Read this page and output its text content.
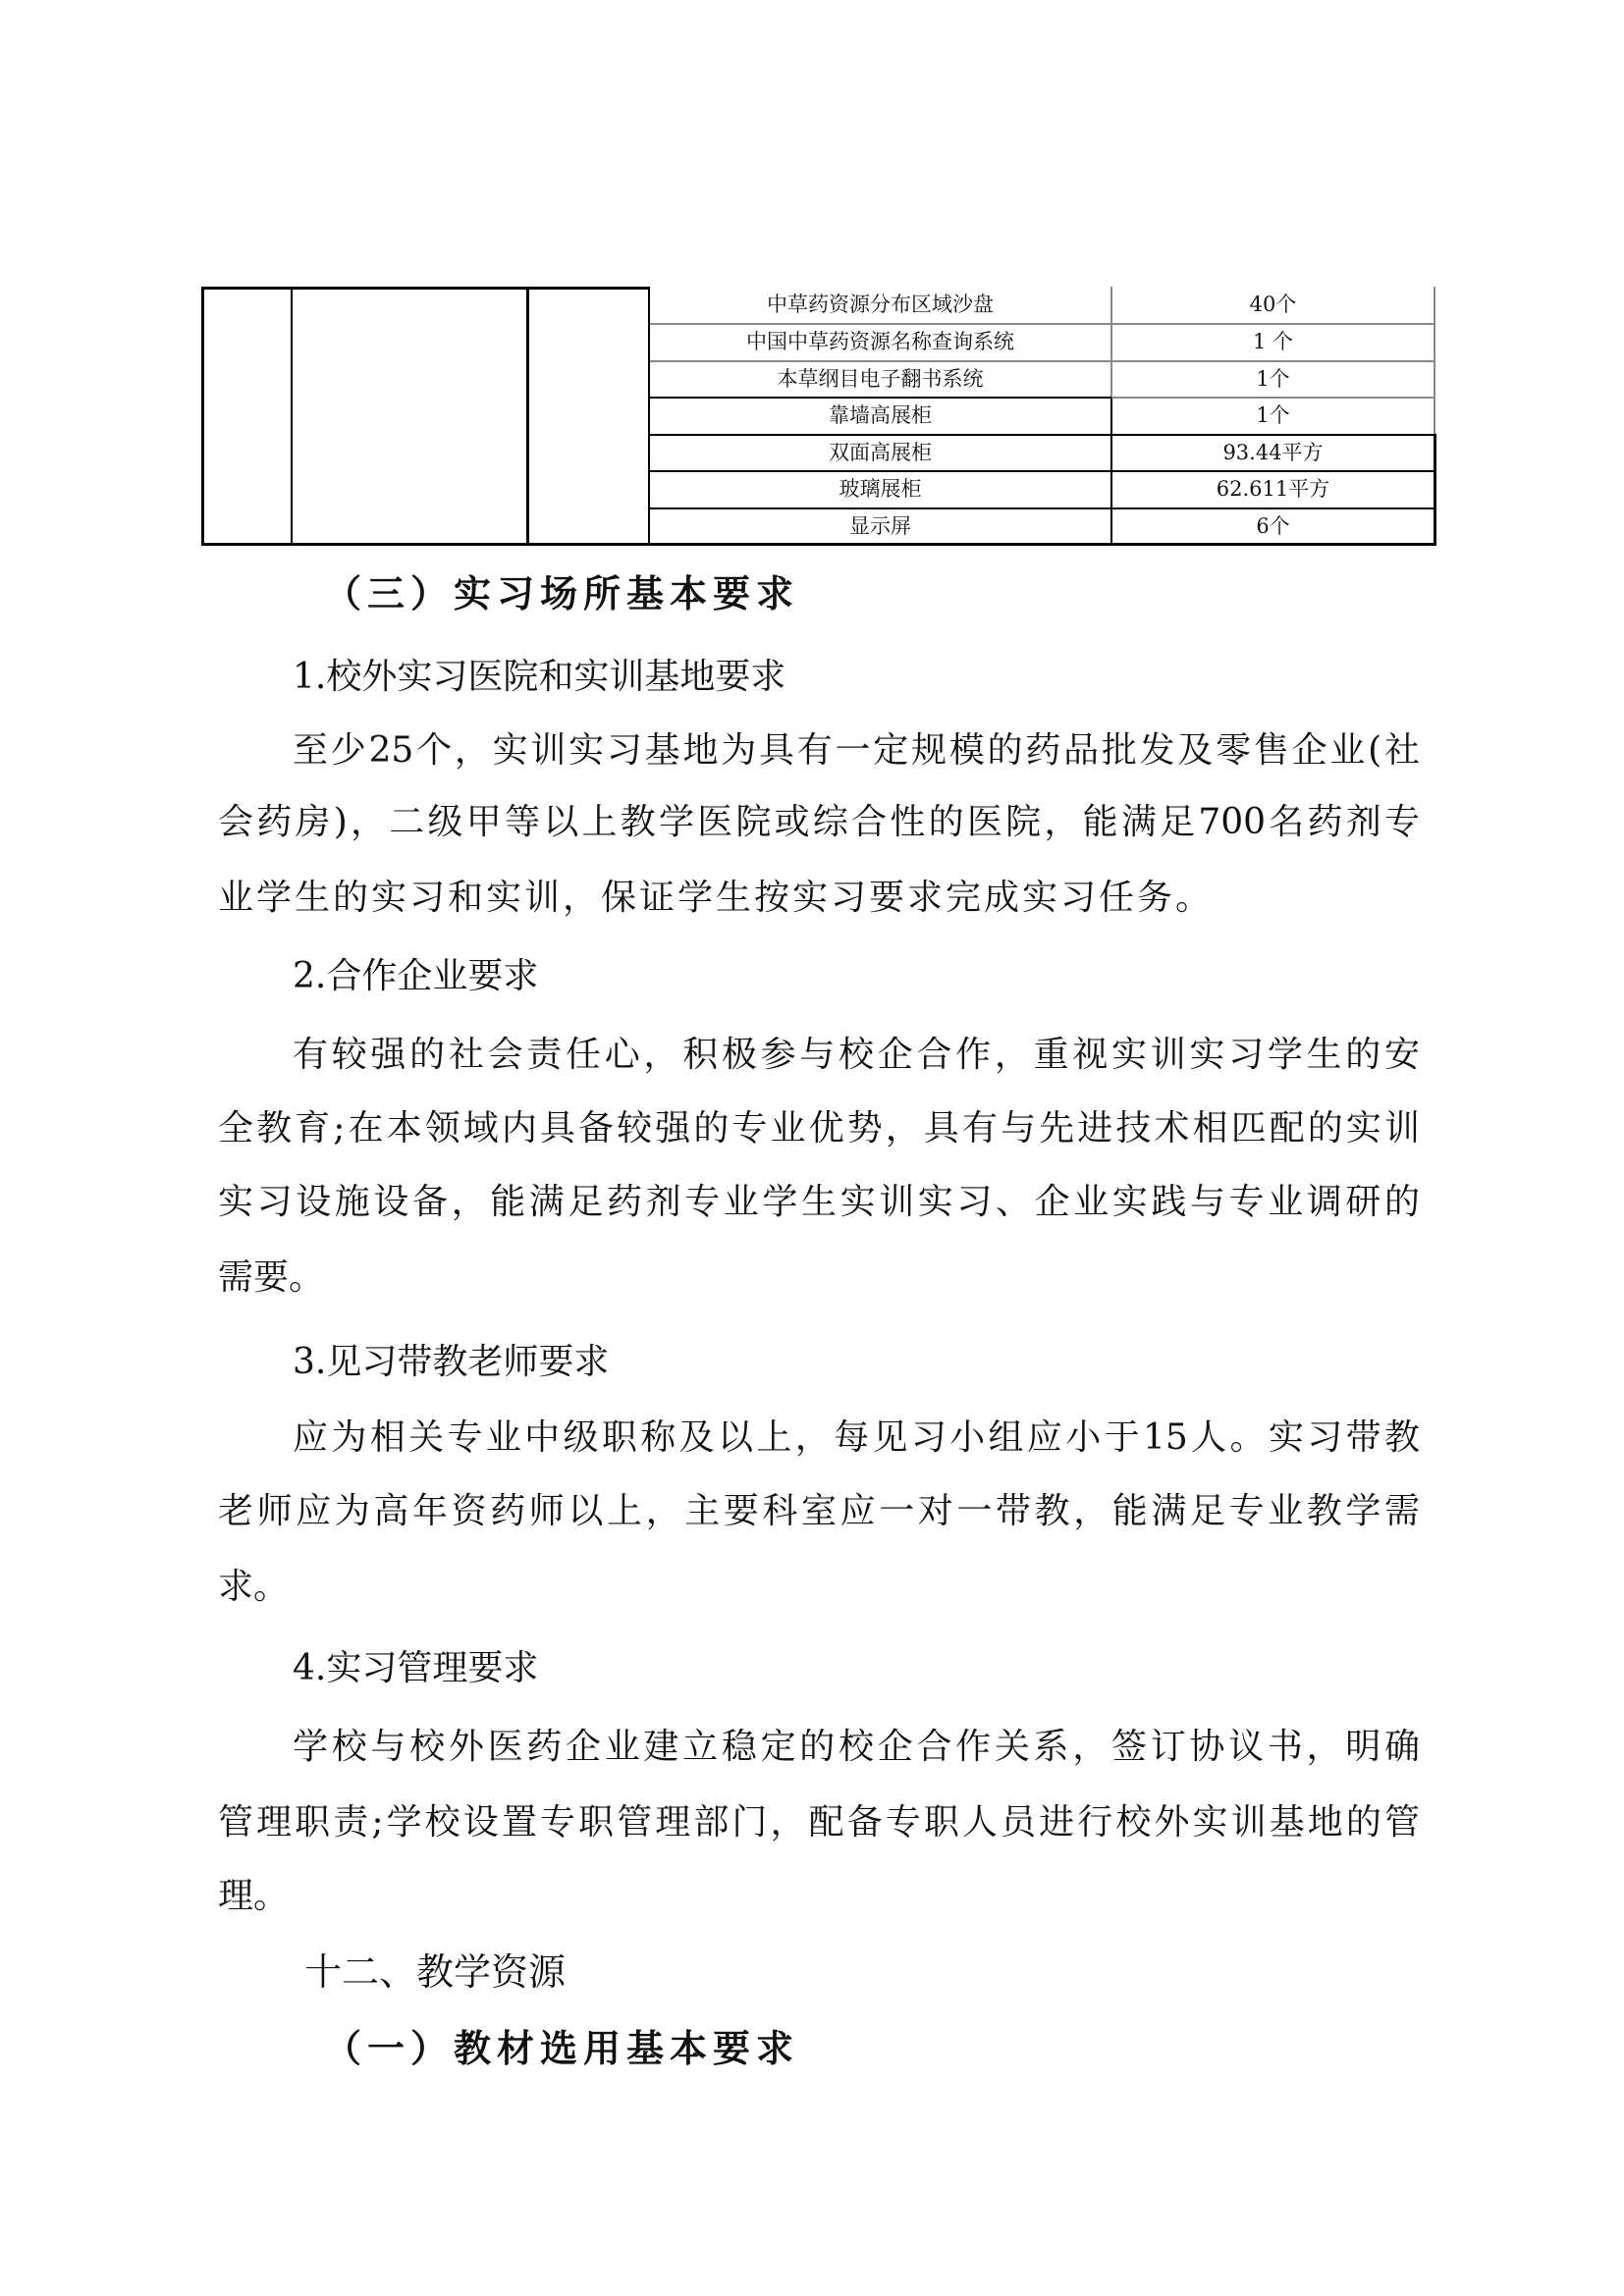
中草药资源分布区域沙盘	40个
中国中草药资源名称查询系统	1 个
本草纲目电子翻书系统	1个
靠墙高展柜	1个
双面高展柜	93.44平方
玻璃展柜	62.611平方
显示屏	6个
（三）实习场所基本要求
1.校外实习医院和实训基地要求
至少25个，实训实习基地为具有一定规模的药品批发及零售企业(社
会药房)，二级甲等以上教学医院或综合性的医院，能满足700名药剂专
业学生的实习和实训，保证学生按实习要求完成实习任务。
2.合作企业要求
有较强的社会责任心，积极参与校企合作，重视实训实习学生的安
全教育;在本领域内具备较强的专业优势，具有与先进技术相匹配的实训
实习设施设备，能满足药剂专业学生实训实习、企业实践与专业调研的
需要。
3.见习带教老师要求
应为相关专业中级职称及以上，每见习小组应小于15人。实习带教
老师应为高年资药师以上，主要科室应一对一带教，能满足专业教学需
求。
4.实习管理要求
学校与校外医药企业建立稳定的校企合作关系，签订协议书，明确
管理职责;学校设置专职管理部门，配备专职人员进行校外实训基地的管
理。
十二、教学资源
（一）教材选用基本要求
